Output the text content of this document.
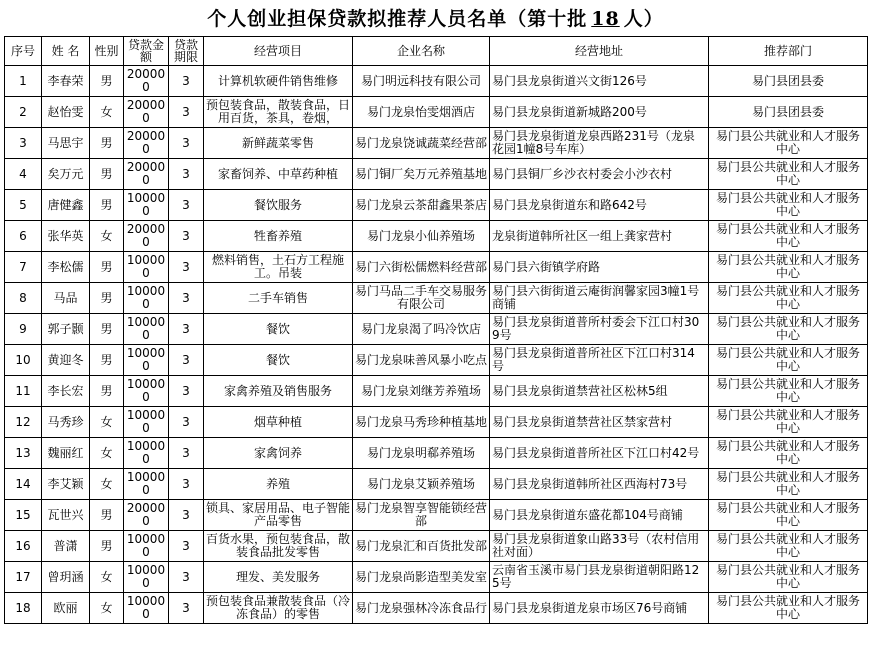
个人创业担保贷款拟推荐人员名单（第十批 18 人）
序号	姓 名	性别	贷款金额	贷款期限	经营项目	企业名称	经营地址	推荐部门
1	李春荣	男	200000	3	计算机软硬件销售维修	易门明远科技有限公司	易门县龙泉街道兴文街126号	易门县团县委
2	赵怡雯	女	200000	3	预包装食品，散装食品，日用百货，茶具，卷烟，	易门龙泉怡雯烟酒店	易门县龙泉街道新城路200号	易门县团县委
3	马思宇	男	200000	3	新鲜蔬菜零售	易门龙泉饶诚蔬菜经营部	易门县龙泉街道龙泉西路231号（龙泉花园1幢8号车库）	易门县公共就业和人才服务中心
4	矣万元	男	200000	3	家畜饲养、中草药种植	易门铜厂矣万元养殖基地	易门县铜厂乡沙衣村委会小沙衣村	易门县公共就业和人才服务中心
5	唐健鑫	男	100000	3	餐饮服务	易门龙泉云茶甜鑫果茶店	易门县龙泉街道东和路642号	易门县公共就业和人才服务中心
6	张华英	女	200000	3	牲畜养殖	易门龙泉小仙养殖场	龙泉街道韩所社区一组上龚家营村	易门县公共就业和人才服务中心
7	李松儒	男	100000	3	燃料销售，土石方工程施工。吊装	易门六街松儒燃料经营部	易门县六街镇学府路	易门县公共就业和人才服务中心
8	马品	男	100000	3	二手车销售	易门马品二手车交易服务有限公司	易门县六街街道云庵街润馨家园3幢1号商铺	易门县公共就业和人才服务中心
9	郭子颢	男	100000	3	餐饮	易门龙泉渴了吗冷饮店	易门县龙泉街道普所村委会下江口村309号	易门县公共就业和人才服务中心
10	黄迎冬	男	100000	3	餐饮	易门龙泉味善风暴小吃点	易门县龙泉街道普所社区下江口村314号	易门县公共就业和人才服务中心
11	李长宏	男	100000	3	家禽养殖及销售服务	易门龙泉刘继芳养殖场	易门县龙泉街道禁营社区松林5组	易门县公共就业和人才服务中心
12	马秀珍	女	100000	3	烟草种植	易门龙泉马秀珍种植基地	易门县龙泉街道禁营社区禁家营村	易门县公共就业和人才服务中心
13	魏丽红	女	100000	3	家禽饲养	易门龙泉明郗养殖场	易门县龙泉街道普所社区下江口村42号	易门县公共就业和人才服务中心
14	李艾颖	女	100000	3	养殖	易门龙泉艾颖养殖场	易门县龙泉街道韩所社区西海村73号	易门县公共就业和人才服务中心
15	瓦世兴	男	200000	3	锁具、家居用品、电子智能产品零售	易门龙泉智享智能锁经营部	易门县龙泉街道东盛花都104号商铺	易门县公共就业和人才服务中心
16	普潇	男	100000	3	百货水果，预包装食品，散装食品批发零售	易门龙泉汇和百货批发部	易门县龙泉街道象山路33号（农村信用社对面）	易门县公共就业和人才服务中心
17	曾玥涵	女	100000	3	理发、美发服务	易门龙泉尚影造型美发室	云南省玉溪市易门县龙泉街道朝阳路125号	易门县公共就业和人才服务中心
18	欧丽	女	100000	3	预包装食品兼散装食品（冷冻食品）的零售	易门龙泉强林冷冻食品行	易门县龙泉街道龙泉市场区76号商铺	易门县公共就业和人才服务中心
